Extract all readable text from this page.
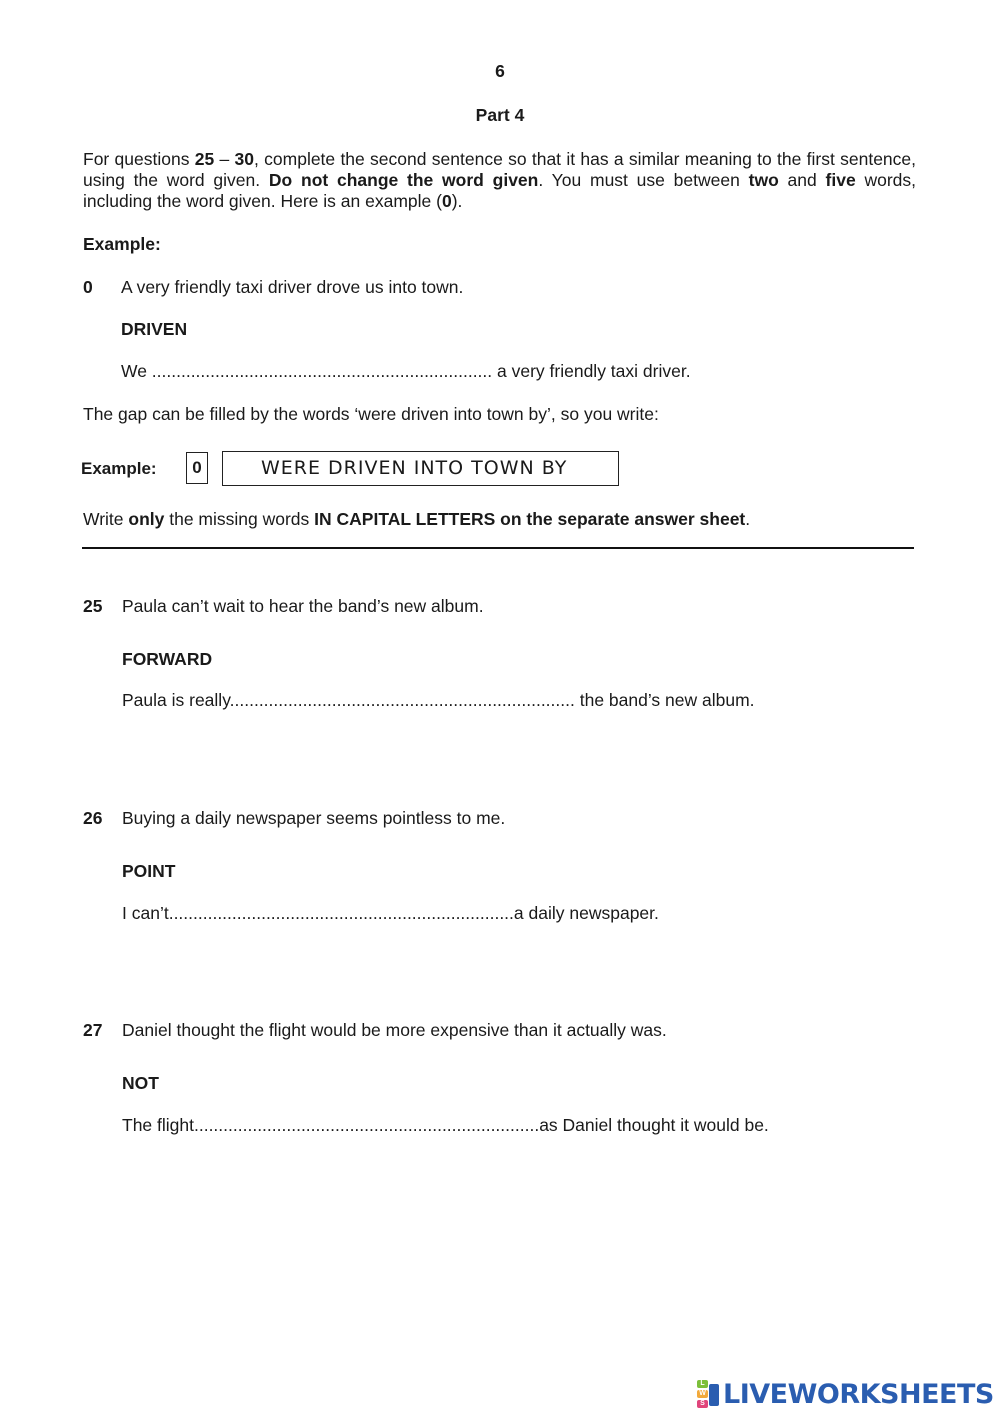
6
Part 4
For questions 25 – 30, complete the second sentence so that it has a similar meaning to the first sentence, using the word given. Do not change the word given. You must use between two and five words, including the word given. Here is an example (0).
Example:
0 A very friendly taxi driver drove us into town.
DRIVEN
We ...................................................................... a very friendly taxi driver.
The gap can be filled by the words ‘were driven into town by’, so you write:
Example:	0	WERE DRIVEN INTO TOWN BY
Write only the missing words IN CAPITAL LETTERS on the separate answer sheet.
25 Paula can’t wait to hear the band’s new album.
FORWARD
Paula is really....................................................................... the band’s new album.
26 Buying a daily newspaper seems pointless to me.
POINT
I can’t.......................................................................a daily newspaper.
27 Daniel thought the flight would be more expensive than it actually was.
NOT
The flight.......................................................................as Daniel thought it would be.
L
W
S LIVEWORKSHEETS
